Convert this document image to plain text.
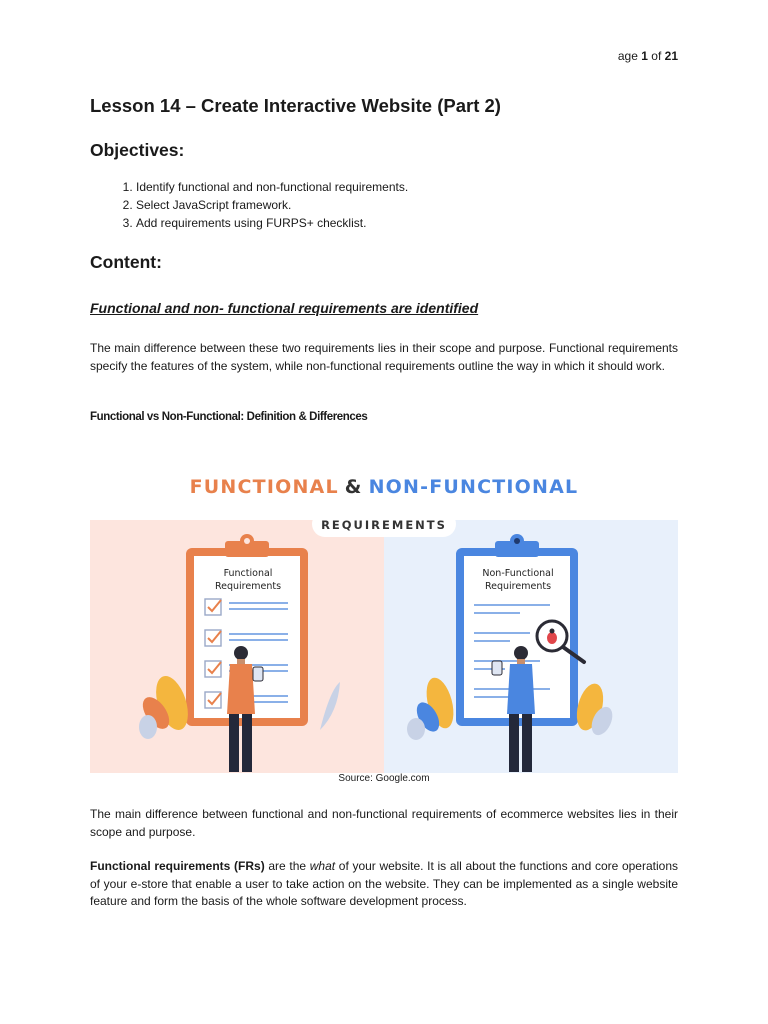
age 1 of 21
Lesson 14 – Create Interactive Website (Part 2)
Objectives:
1. Identify functional and non-functional requirements.
2. Select JavaScript framework.
3. Add requirements using FURPS+ checklist.
Content:

Functional and non- functional requirements are identified

The main difference between these two requirements lies in their scope and purpose. Functional requirements specify the features of the system, while non-functional requirements outline the way in which it should work.

Functional vs Non-Functional: Definition & Differences

FUNCTIONAL & NON-FUNCTIONAL
REQUIREMENTS
Functional
Requirements
Non-Functional
Requirements
Source: Google.com

The main difference between functional and non-functional requirements of ecommerce websites lies in their scope and purpose.

Functional requirements (FRs) are the what of your website. It is all about the functions and core operations of your e-store that enable a user to take action on the website. They can be implemented as a single website feature and form the basis of the whole software development process.
